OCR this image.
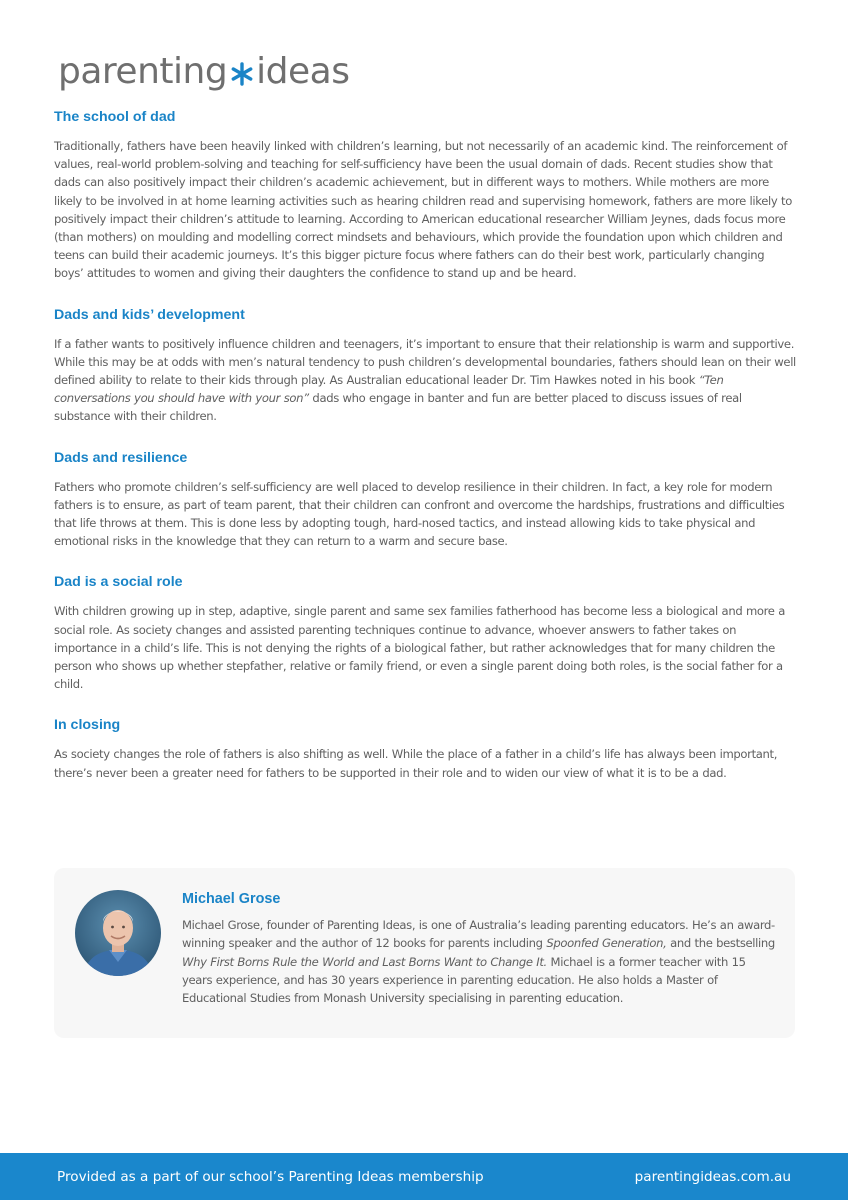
parenting ideas
The school of dad

Traditionally, fathers have been heavily linked with children’s learning, but not necessarily of an academic kind. The reinforcement of values, real-world problem-solving and teaching for self-sufficiency have been the usual domain of dads. Recent studies show that dads can also positively impact their children’s academic achievement, but in different ways to mothers. While mothers are more likely to be involved in at home learning activities such as hearing children read and supervising homework, fathers are more likely to positively impact their children’s attitude to learning. According to American educational researcher William Jeynes, dads focus more (than mothers) on moulding and modelling correct mindsets and behaviours, which provide the foundation upon which children and teens can build their academic journeys. It’s this bigger picture focus where fathers can do their best work, particularly changing boys’ attitudes to women and giving their daughters the confidence to stand up and be heard.

Dads and kids’ development

If a father wants to positively influence children and teenagers, it’s important to ensure that their relationship is warm and supportive. While this may be at odds with men’s natural tendency to push children’s developmental boundaries, fathers should lean on their well defined ability to relate to their kids through play. As Australian educational leader Dr. Tim Hawkes noted in his book “Ten conversations you should have with your son” dads who engage in banter and fun are better placed to discuss issues of real substance with their children.

Dads and resilience

Fathers who promote children’s self-sufficiency are well placed to develop resilience in their children. In fact, a key role for modern fathers is to ensure, as part of team parent, that their children can confront and overcome the hardships, frustrations and difficulties that life throws at them. This is done less by adopting tough, hard-nosed tactics, and instead allowing kids to take physical and emotional risks in the knowledge that they can return to a warm and secure base.

Dad is a social role

With children growing up in step, adaptive, single parent and same sex families fatherhood has become less a biological and more a social role. As society changes and assisted parenting techniques continue to advance, whoever answers to father takes on importance in a child’s life. This is not denying the rights of a biological father, but rather acknowledges that for many children the person who shows up whether stepfather, relative or family friend, or even a single parent doing both roles, is the social father for a child.

In closing

As society changes the role of fathers is also shifting as well. While the place of a father in a child’s life has always been important, there’s never been a greater need for fathers to be supported in their role and to widen our view of what it is to be a dad.

Michael Grose

Michael Grose, founder of Parenting Ideas, is one of Australia’s leading parenting educators. He’s an award-winning speaker and the author of 12 books for parents including Spoonfed Generation, and the bestselling Why First Borns Rule the World and Last Borns Want to Change It. Michael is a former teacher with 15 years experience, and has 30 years experience in parenting education. He also holds a Master of Educational Studies from Monash University specialising in parenting education.

Provided as a part of our school’s Parenting Ideas membership	parentingideas.com.au
